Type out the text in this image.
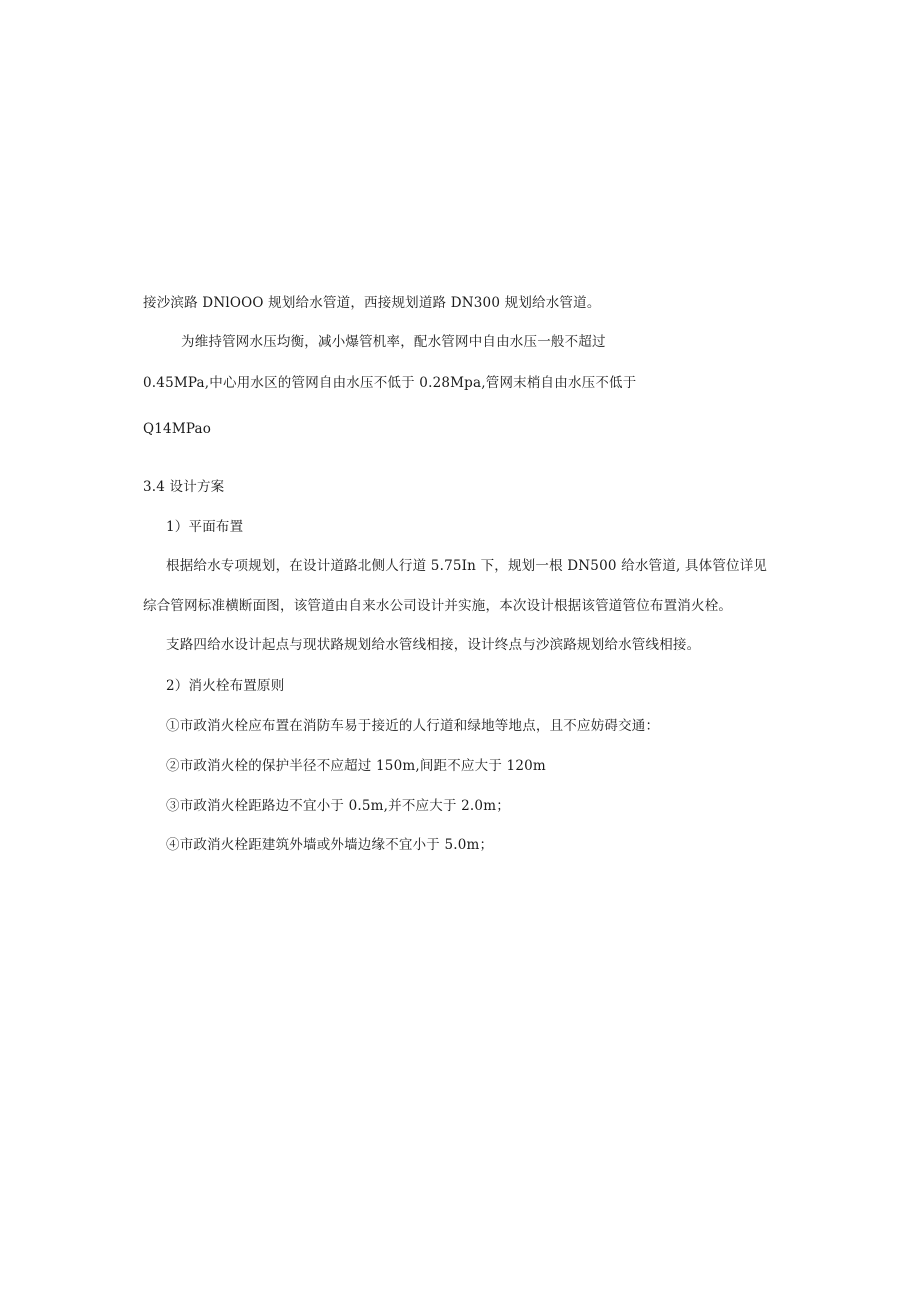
接沙滨路 DNlOOO 规划给水管道，西接规划道路 DN300 规划给水管道。

为维持管网水压均衡，减小爆管机率，配水管网中自由水压一般不超过

0.45MPa,中心用水区的管网自由水压不低于 0.28Mpa,管网末梢自由水压不低于

Q14MPao

3.4 设计方案

1）平面布置

根据给水专项规划，在设计道路北侧人行道 5.75In 下，规划一根 DN500 给水管道, 具体管位详见

综合管网标准横断面图，该管道由自来水公司设计并实施，本次设计根据该管道管位布置消火栓。

支路四给水设计起点与现状路规划给水管线相接，设计终点与沙滨路规划给水管线相接。

2）消火栓布置原则

①市政消火栓应布置在消防车易于接近的人行道和绿地等地点，且不应妨碍交通：

②市政消火栓的保护半径不应超过 150m,间距不应大于 120m

③市政消火栓距路边不宜小于 0.5m,并不应大于 2.0m；

④市政消火栓距建筑外墙或外墙边缘不宜小于 5.0m；
